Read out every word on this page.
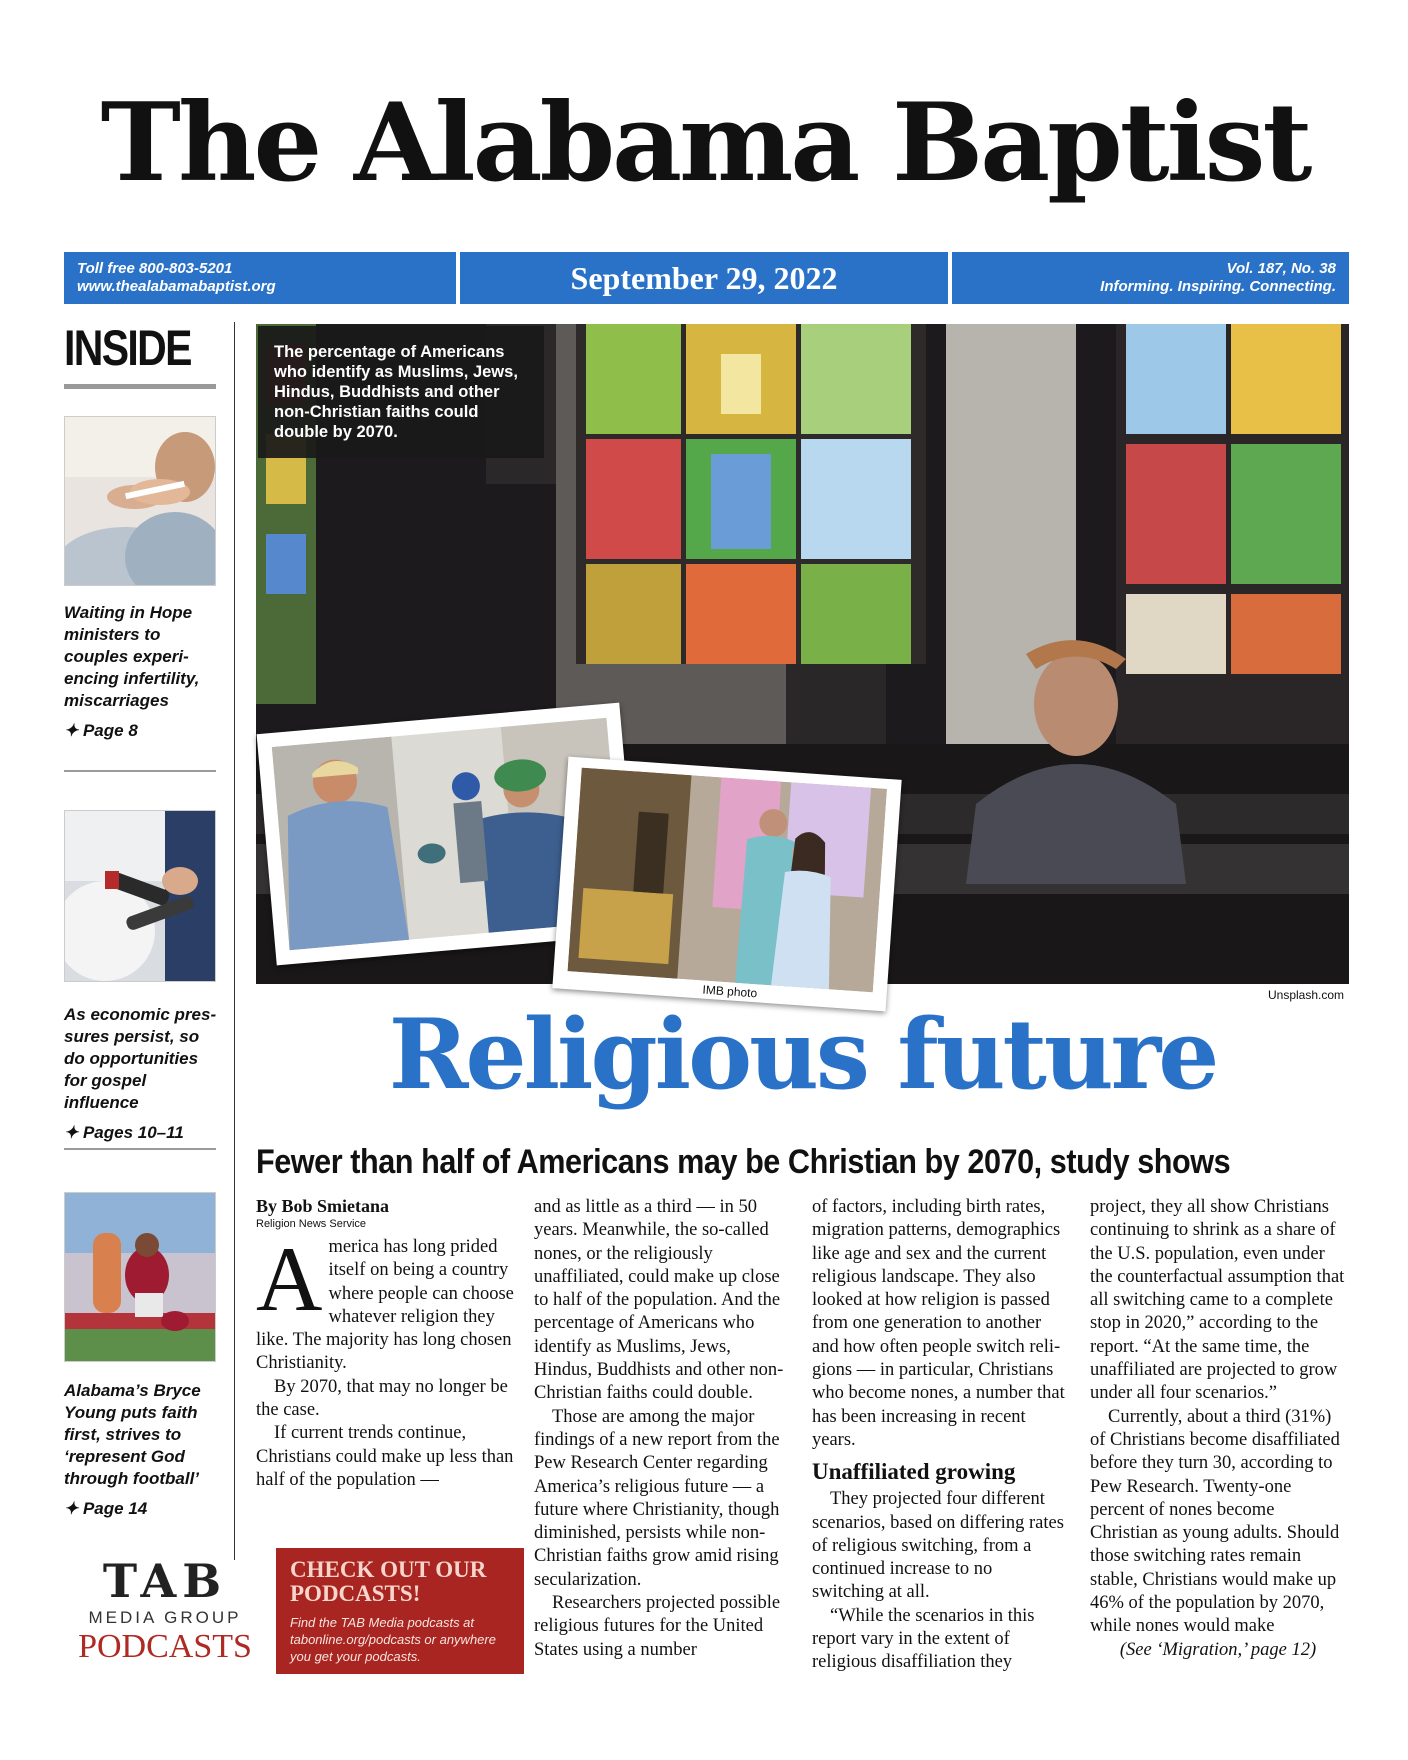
The Alabama Baptist
Toll free 800-803-5201
www.thealabamabaptist.org	September 29, 2022	Vol. 187, No. 38
Informing. Inspiring. Connecting.
INSIDE
Waiting in Hope ministers to couples experiencing infertility, miscarriages
✦ Page 8
As economic pressures persist, so do opportunities for gospel influence
✦ Pages 10–11
Alabama’s Bryce Young puts faith first, strives to ‘represent God through football’
✦ Page 14
The percentage of Americans who identify as Muslims, Jews, Hindus, Buddhists and other non-Christian faiths could double by 2070.
IMB photo	Unsplash.com
Religious future
Fewer than half of Americans may be Christian by 2070, study shows
By Bob Smietana
Religion News Service

America has long prided itself on being a country where people can choose whatever religion they like. The majority has long chosen Christianity.

By 2070, that may no longer be the case.

If current trends continue, Christians could make up less than half of the population —

and as little as a third — in 50 years. Meanwhile, the so-called nones, or the religiously unaffiliated, could make up close to half of the population. And the percentage of Americans who identify as Muslims, Jews, Hindus, Buddhists and other non-Christian faiths could double.

Those are among the major findings of a new report from the Pew Research Center regarding America’s religious future — a future where Christianity, though diminished, persists while non-Christian faiths grow amid rising secularization.

Researchers projected possible religious futures for the United States using a number

of factors, including birth rates, migration patterns, demographics like age and sex and the current religious landscape. They also looked at how religion is passed from one generation to another and how often people switch religions — in particular, Christians who become nones, a number that has been increasing in recent years.

Unaffiliated growing

They projected four different scenarios, based on differing rates of religious switching, from a continued increase to no switching at all.

“While the scenarios in this report vary in the extent of religious disaffiliation they

project, they all show Christians continuing to shrink as a share of the U.S. population, even under the counterfactual assumption that all switching came to a complete stop in 2020,” according to the report. “At the same time, the unaffiliated are projected to grow under all four scenarios.”

Currently, about a third (31%) of Christians become disaffiliated before they turn 30, according to Pew Research. Twenty-one percent of nones become Christian as young adults. Should those switching rates remain stable, Christians would make up 46% of the population by 2070, while nones would make

(See ‘Migration,’ page 12)
TAB
MEDIA GROUP
PODCASTS
CHECK OUT OUR PODCASTS!
Find the TAB Media podcasts at tabonline.org/podcasts or anywhere you get your podcasts.
